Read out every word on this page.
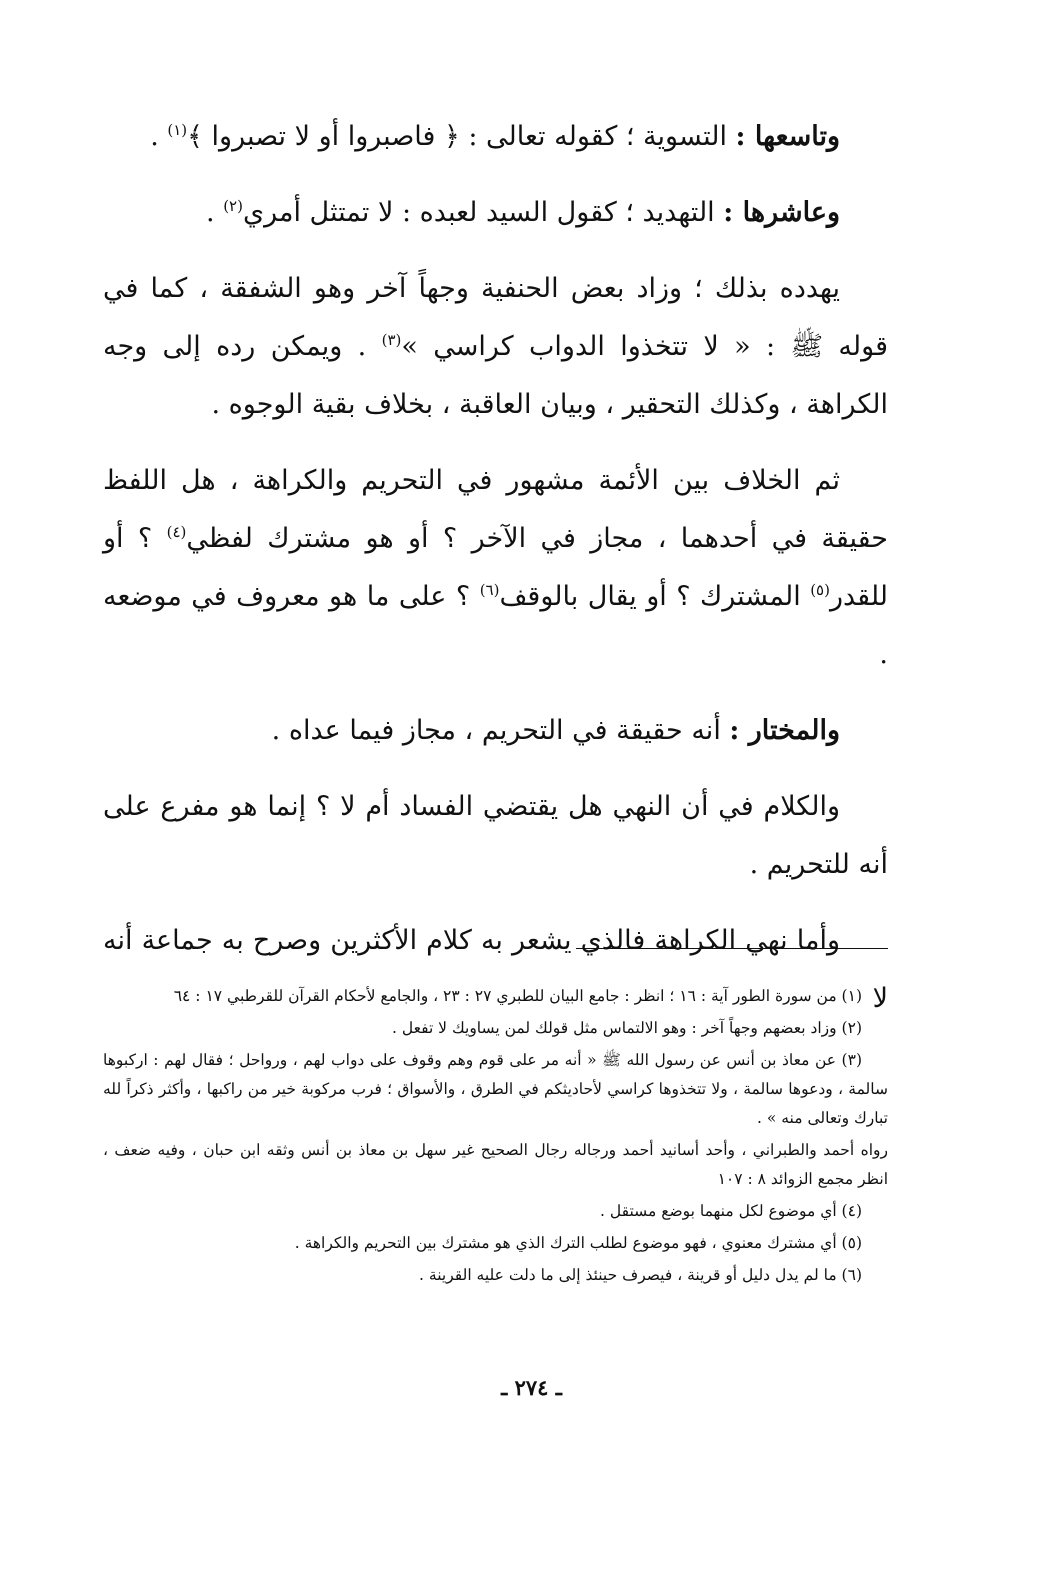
وتاسعها : التسوية ؛ كقوله تعالى : ﴿ فاصبروا أو لا تصبروا ﴾$^{(١)}$ .

وعاشرها : التهديد ؛ كقول السيد لعبده : لا تمتثل أمري$^{(٢)}$ .

يهدده بذلك ؛ وزاد بعض الحنفية وجهاً آخر وهو الشفقة ، كما في قوله ﷺ : « لا تتخذوا الدواب كراسي »$^{(٣)}$ . ويمكن رده إلى وجه الكراهة ، وكذلك التحقير ، وبيان العاقبة ، بخلاف بقية الوجوه .

ثم الخلاف بين الأئمة مشهور في التحريم والكراهة ، هل اللفظ حقيقة في أحدهما ، مجاز في الآخر ؟ أو هو مشترك لفظي$^{(٤)}$ ؟ أو للقدر$^{(٥)}$ المشترك ؟ أو يقال بالوقف$^{(٦)}$ ؟ على ما هو معروف في موضعه .

والمختار : أنه حقيقة في التحريم ، مجاز فيما عداه .

والكلام في أن النهي هل يقتضي الفساد أم لا ؟ إنما هو مفرع على أنه للتحريم .

وأما نهي الكراهة فالذي يشعر به كلام الأكثرين وصرح به جماعة أنه لا

(١) من سورة الطور آية : ١٦ ؛ انظر : جامع البيان للطبري ٢٧ : ٢٣ ، والجامع لأحكام القرآن للقرطبي ١٧ : ٦٤

(٢) وزاد بعضهم وجهاً آخر : وهو الالتماس مثل قولك لمن يساويك لا تفعل .

(٣) عن معاذ بن أنس عن رسول الله ﷺ « أنه مر على قوم وهم وقوف على دواب لهم ، ورواحل ؛ فقال لهم : اركبوها سالمة ، ودعوها سالمة ، ولا تتخذوها كراسي لأحاديثكم في الطرق ، والأسواق ؛ فرب مركوبة خير من راكبها ، وأكثر ذكراً لله تبارك وتعالى منه » .

رواه أحمد والطبراني ، وأحد أسانيد أحمد ورجاله رجال الصحيح غير سهل بن معاذ بن أنس وثقه ابن حبان ، وفيه ضعف ، انظر مجمع الزوائد ٨ : ١٠٧

(٤) أي موضوع لكل منهما بوضع مستقل .

(٥) أي مشترك معنوي ، فهو موضوع لطلب الترك الذي هو مشترك بين التحريم والكراهة .

(٦) ما لم يدل دليل أو قرينة ، فيصرف حينئذ إلى ما دلت عليه القرينة .

ـ ٢٧٤ ـ
